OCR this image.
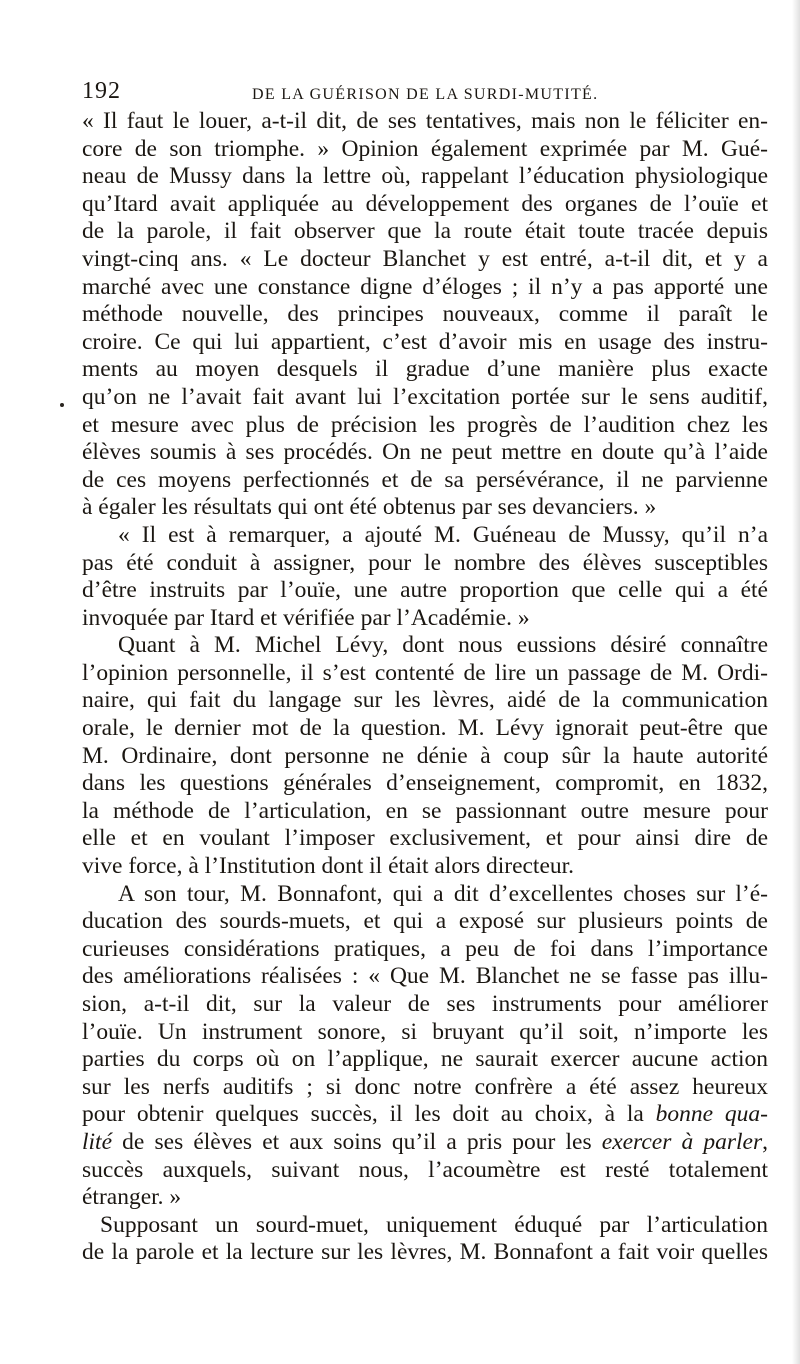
192	DE LA GUÉRISON DE LA SURDI-MUTITÉ.
« Il faut le louer, a-t-il dit, de ses tentatives, mais non le féliciter en-
core de son triomphe. » Opinion également exprimée par M. Gué-
neau de Mussy dans la lettre où, rappelant l’éducation physiologique
qu’Itard avait appliquée au développement des organes de l’ouïe et
de la parole, il fait observer que la route était toute tracée depuis
vingt-cinq ans. « Le docteur Blanchet y est entré, a-t-il dit, et y a
marché avec une constance digne d’éloges ; il n’y a pas apporté une
méthode nouvelle, des principes nouveaux, comme il paraît le
croire. Ce qui lui appartient, c’est d’avoir mis en usage des instru-
ments au moyen desquels il gradue d’une manière plus exacte
qu’on ne l’avait fait avant lui l’excitation portée sur le sens auditif,
et mesure avec plus de précision les progrès de l’audition chez les
élèves soumis à ses procédés. On ne peut mettre en doute qu’à l’aide
de ces moyens perfectionnés et de sa persévérance, il ne parvienne
à égaler les résultats qui ont été obtenus par ses devanciers. »
« Il est à remarquer, a ajouté M. Guéneau de Mussy, qu’il n’a
pas été conduit à assigner, pour le nombre des élèves susceptibles
d’être instruits par l’ouïe, une autre proportion que celle qui a été
invoquée par Itard et vérifiée par l’Académie. »
Quant à M. Michel Lévy, dont nous eussions désiré connaître
l’opinion personnelle, il s’est contenté de lire un passage de M. Ordi-
naire, qui fait du langage sur les lèvres, aidé de la communication
orale, le dernier mot de la question. M. Lévy ignorait peut-être que
M. Ordinaire, dont personne ne dénie à coup sûr la haute autorité
dans les questions générales d’enseignement, compromit, en 1832,
la méthode de l’articulation, en se passionnant outre mesure pour
elle et en voulant l’imposer exclusivement, et pour ainsi dire de
vive force, à l’Institution dont il était alors directeur.
A son tour, M. Bonnafont, qui a dit d’excellentes choses sur l’é-
ducation des sourds-muets, et qui a exposé sur plusieurs points de
curieuses considérations pratiques, a peu de foi dans l’importance
des améliorations réalisées : « Que M. Blanchet ne se fasse pas illu-
sion, a-t-il dit, sur la valeur de ses instruments pour améliorer
l’ouïe. Un instrument sonore, si bruyant qu’il soit, n’importe les
parties du corps où on l’applique, ne saurait exercer aucune action
sur les nerfs auditifs ; si donc notre confrère a été assez heureux
pour obtenir quelques succès, il les doit au choix, à la bonne qua-
lité de ses élèves et aux soins qu’il a pris pour les exercer à parler,
succès auxquels, suivant nous, l’acoumètre est resté totalement
étranger. »
Supposant un sourd-muet, uniquement éduqué par l’articulation
de la parole et la lecture sur les lèvres, M. Bonnafont a fait voir quelles
